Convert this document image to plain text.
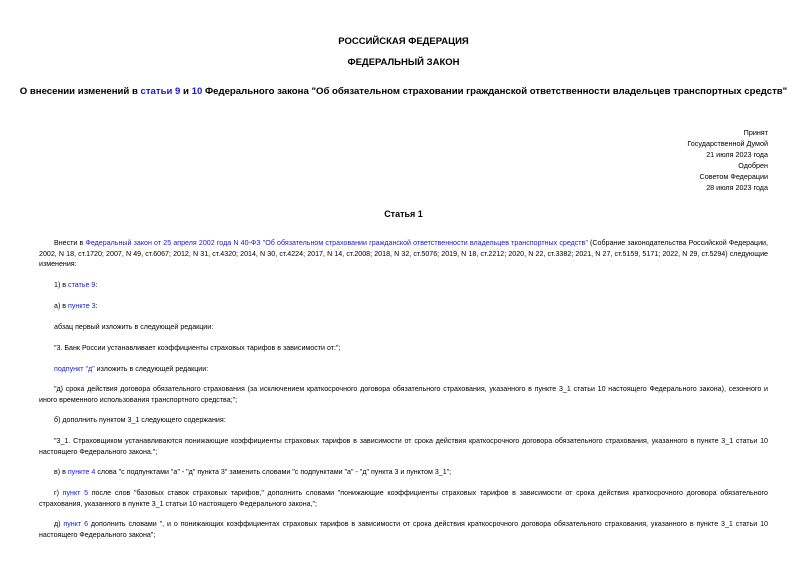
РОССИЙСКАЯ ФЕДЕРАЦИЯ
ФЕДЕРАЛЬНЫЙ ЗАКОН
О внесении изменений в статьи 9 и 10 Федерального закона "Об обязательном страховании гражданской ответственности владельцев транспортных средств"
Принят
Государственной Думой
21 июля 2023 года
Одобрен
Советом Федерации
28 июля 2023 года
Статья 1

Внести в Федеральный закон от 25 апреля 2002 года N 40-ФЗ "Об обязательном страховании гражданской ответственности владельцев транспортных средств" (Собрание законодательства Российской Федерации, 2002, N 18, ст.1720; 2007, N 49, ст.6067; 2012, N 31, ст.4320; 2014, N 30, ст.4224; 2017, N 14, ст.2008; 2018, N 32, ст.5076; 2019, N 18, ст.2212; 2020, N 22, ст.3382; 2021, N 27, ст.5159, 5171; 2022, N 29, ст.5294) следующие изменения:

1) в статье 9:

а) в пункте 3:

абзац первый изложить в следующей редакции:

"3. Банк России устанавливает коэффициенты страховых тарифов в зависимости от:";

подпункт "д" изложить в следующей редакции:

"д) срока действия договора обязательного страхования (за исключением краткосрочного договора обязательного страхования, указанного в пункте 3_1 статьи 10 настоящего Федерального закона), сезонного и иного временного использования транспортного средства;";

б) дополнить пунктом 3_1 следующего содержания:

"3_1. Страховщиком устанавливаются понижающие коэффициенты страховых тарифов в зависимости от срока действия краткосрочного договора обязательного страхования, указанного в пункте 3_1 статьи 10 настоящего Федерального закона.";

в) в пункте 4 слова "с подпунктами "а" - "д" пункта 3" заменить словами "с подпунктами "а" - "д" пункта 3 и пунктом 3_1";

г) пункт 5 после слов "базовых ставок страховых тарифов," дополнить словами "понижающие коэффициенты страховых тарифов в зависимости от срока действия краткосрочного договора обязательного страхования, указанного в пункте 3_1 статьи 10 настоящего Федерального закона,";

д) пункт 6 дополнить словами ", и о понижающих коэффициентах страховых тарифов в зависимости от срока действия краткосрочного договора обязательного страхования, указанного в пункте 3_1 статьи 10 настоящего Федерального закона";
